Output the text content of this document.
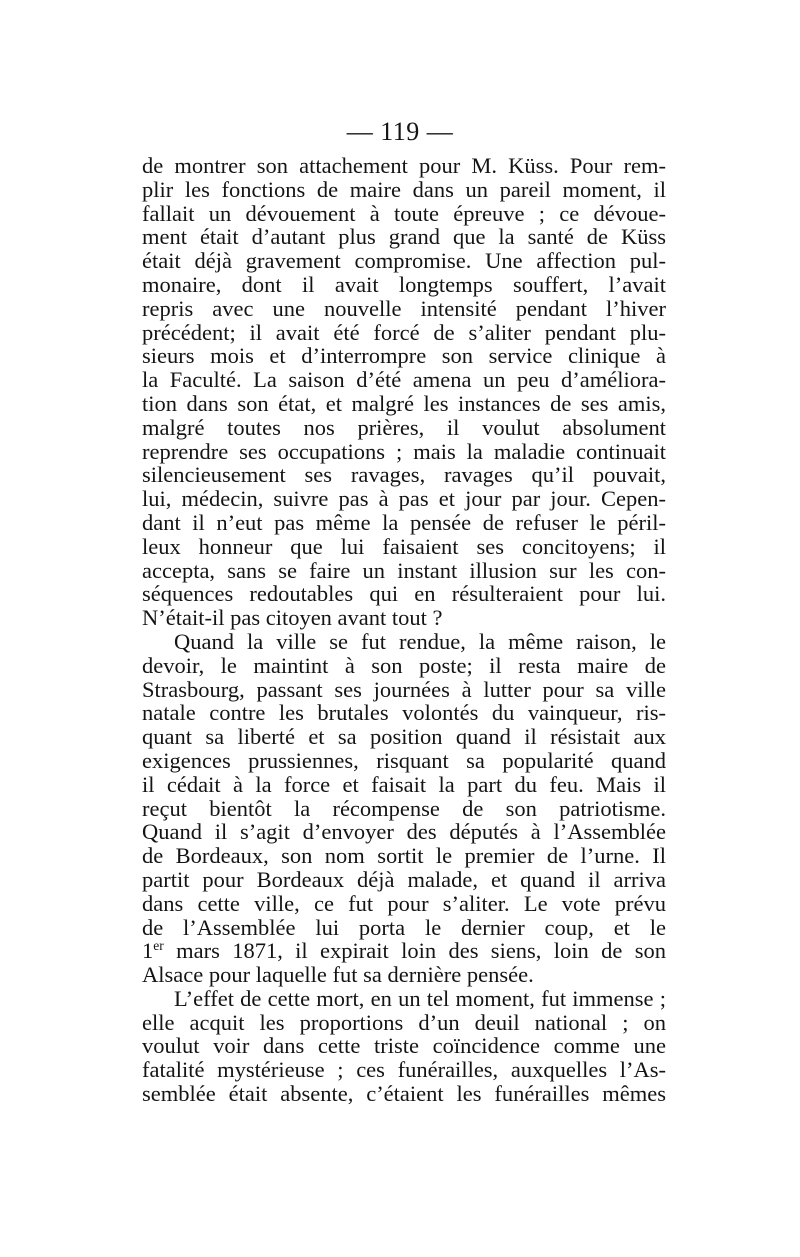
— 119 —
de montrer son attachement pour M. Küss. Pour rem-
plir les fonctions de maire dans un pareil moment, il
fallait un dévouement à toute épreuve ; ce dévoue-
ment était d’autant plus grand que la santé de Küss
était déjà gravement compromise. Une affection pul-
monaire, dont il avait longtemps souffert, l’avait
repris avec une nouvelle intensité pendant l’hiver
précédent; il avait été forcé de s’aliter pendant plu-
sieurs mois et d’interrompre son service clinique à
la Faculté. La saison d’été amena un peu d’améliora-
tion dans son état, et malgré les instances de ses amis,
malgré toutes nos prières, il voulut absolument
reprendre ses occupations ; mais la maladie continuait
silencieusement ses ravages, ravages qu’il pouvait,
lui, médecin, suivre pas à pas et jour par jour. Cepen-
dant il n’eut pas même la pensée de refuser le péril-
leux honneur que lui faisaient ses concitoyens; il
accepta, sans se faire un instant illusion sur les con-
séquences redoutables qui en résulteraient pour lui.
N’était-il pas citoyen avant tout ?
Quand la ville se fut rendue, la même raison, le
devoir, le maintint à son poste; il resta maire de
Strasbourg, passant ses journées à lutter pour sa ville
natale contre les brutales volontés du vainqueur, ris-
quant sa liberté et sa position quand il résistait aux
exigences prussiennes, risquant sa popularité quand
il cédait à la force et faisait la part du feu. Mais il
reçut bientôt la récompense de son patriotisme.
Quand il s’agit d’envoyer des députés à l’Assemblée
de Bordeaux, son nom sortit le premier de l’urne. Il
partit pour Bordeaux déjà malade, et quand il arriva
dans cette ville, ce fut pour s’aliter. Le vote prévu
de l’Assemblée lui porta le dernier coup, et le
1er mars 1871, il expirait loin des siens, loin de son
Alsace pour laquelle fut sa dernière pensée.
L’effet de cette mort, en un tel moment, fut immense ;
elle acquit les proportions d’un deuil national ; on
voulut voir dans cette triste coïncidence comme une
fatalité mystérieuse ; ces funérailles, auxquelles l’As-
semblée était absente, c’étaient les funérailles mêmes
